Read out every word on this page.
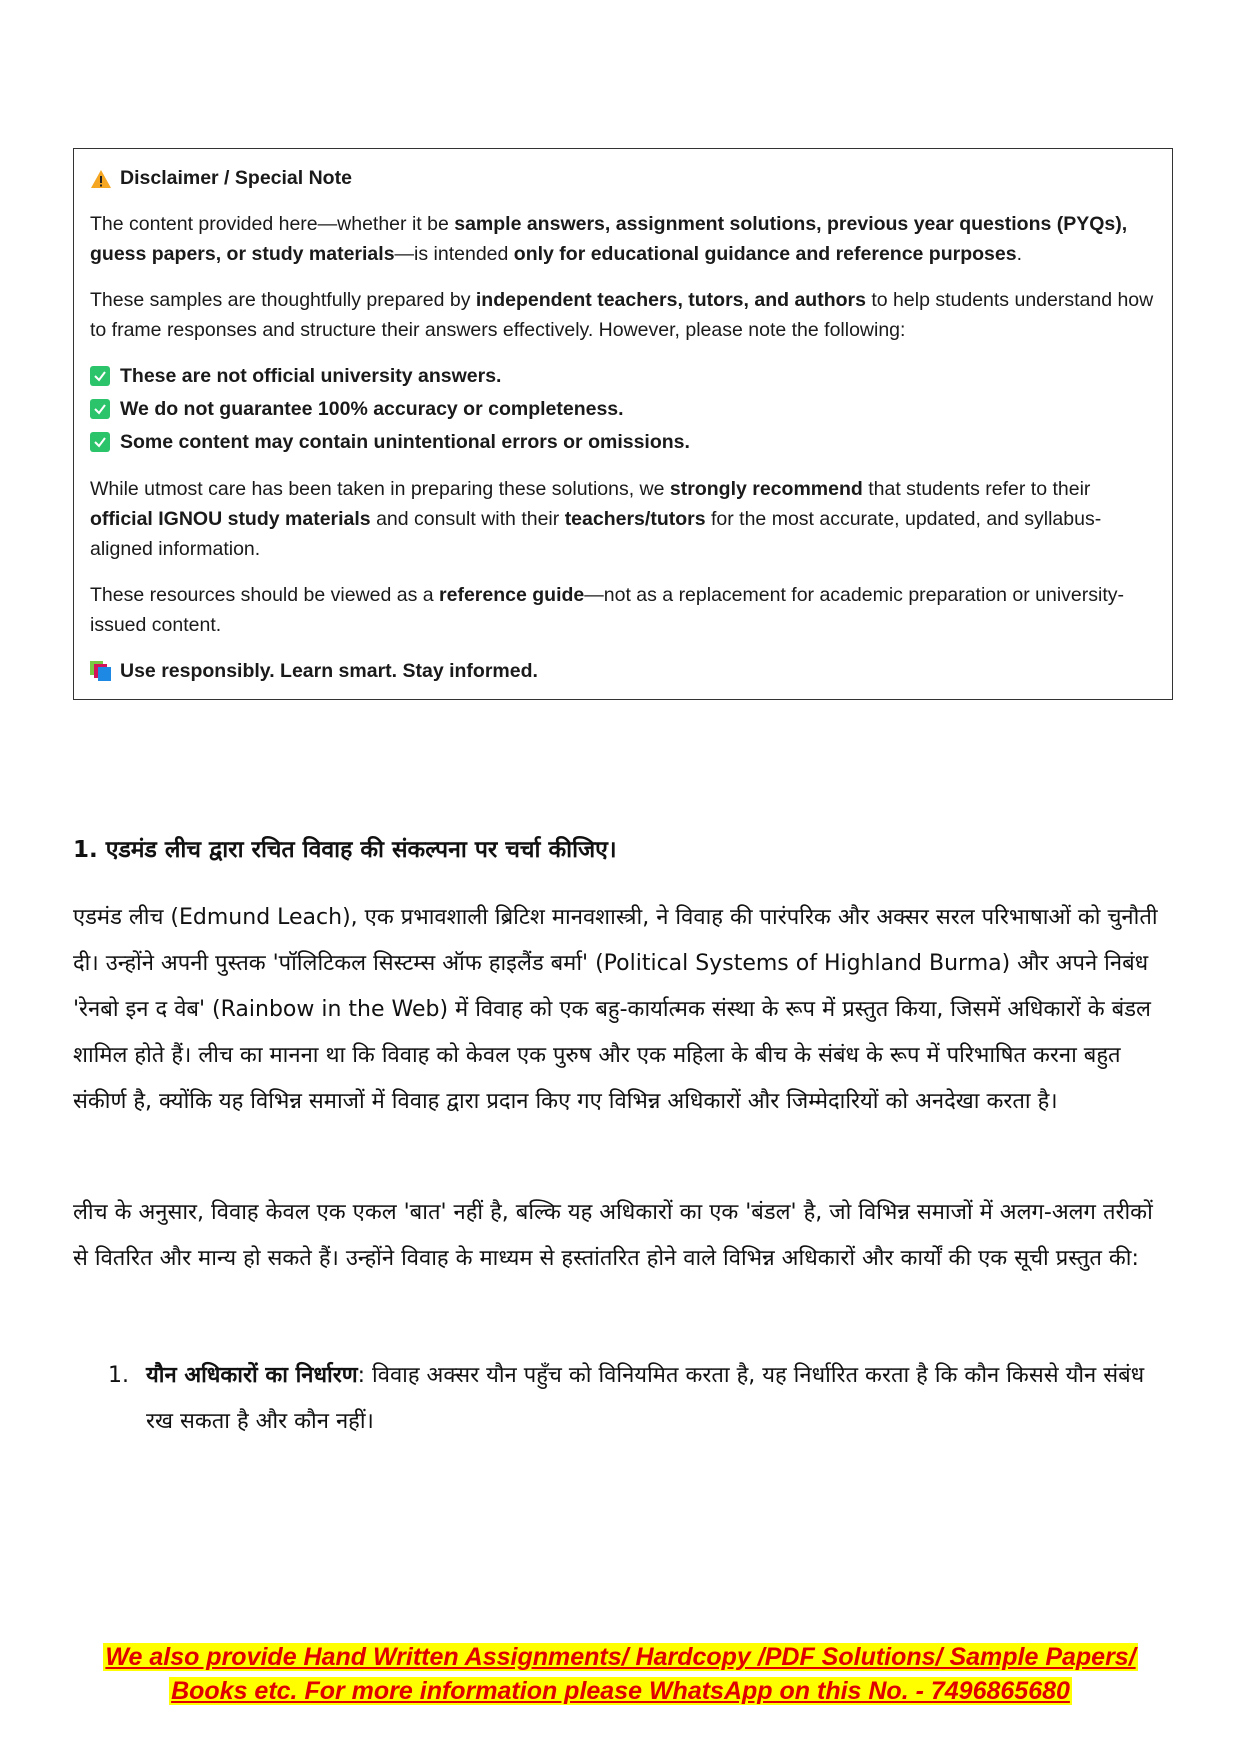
Disclaimer / Special Note

The content provided here—whether it be sample answers, assignment solutions, previous year questions (PYQs), guess papers, or study materials—is intended only for educational guidance and reference purposes.

These samples are thoughtfully prepared by independent teachers, tutors, and authors to help students understand how to frame responses and structure their answers effectively. However, please note the following:

These are not official university answers.
We do not guarantee 100% accuracy or completeness.
Some content may contain unintentional errors or omissions.

While utmost care has been taken in preparing these solutions, we strongly recommend that students refer to their official IGNOU study materials and consult with their teachers/tutors for the most accurate, updated, and syllabus-aligned information.

These resources should be viewed as a reference guide—not as a replacement for academic preparation or university-issued content.

Use responsibly. Learn smart. Stay informed.
1. एडमंड लीच द्वारा रचित विवाह की संकल्पना पर चर्चा कीजिए।
एडमंड लीच (Edmund Leach), एक प्रभावशाली ब्रिटिश मानवशास्त्री, ने विवाह की पारंपरिक और अक्सर सरल परिभाषाओं को चुनौती दी। उन्होंने अपनी पुस्तक 'पॉलिटिकल सिस्टम्स ऑफ हाइलैंड बर्मा' (Political Systems of Highland Burma) और अपने निबंध 'रेनबो इन द वेब' (Rainbow in the Web) में विवाह को एक बहु-कार्यात्मक संस्था के रूप में प्रस्तुत किया, जिसमें अधिकारों के बंडल शामिल होते हैं। लीच का मानना था कि विवाह को केवल एक पुरुष और एक महिला के बीच के संबंध के रूप में परिभाषित करना बहुत संकीर्ण है, क्योंकि यह विभिन्न समाजों में विवाह द्वारा प्रदान किए गए विभिन्न अधिकारों और जिम्मेदारियों को अनदेखा करता है।
लीच के अनुसार, विवाह केवल एक एकल 'बात' नहीं है, बल्कि यह अधिकारों का एक 'बंडल' है, जो विभिन्न समाजों में अलग-अलग तरीकों से वितरित और मान्य हो सकते हैं। उन्होंने विवाह के माध्यम से हस्तांतरित होने वाले विभिन्न अधिकारों और कार्यों की एक सूची प्रस्तुत की:
1. यौन अधिकारों का निर्धारण: विवाह अक्सर यौन पहुँच को विनियमित करता है, यह निर्धारित करता है कि कौन किससे यौन संबंध रख सकता है और कौन नहीं।
We also provide Hand Written Assignments/ Hardcopy /PDF Solutions/ Sample Papers/
Books etc. For more information please WhatsApp on this No. - 7496865680
